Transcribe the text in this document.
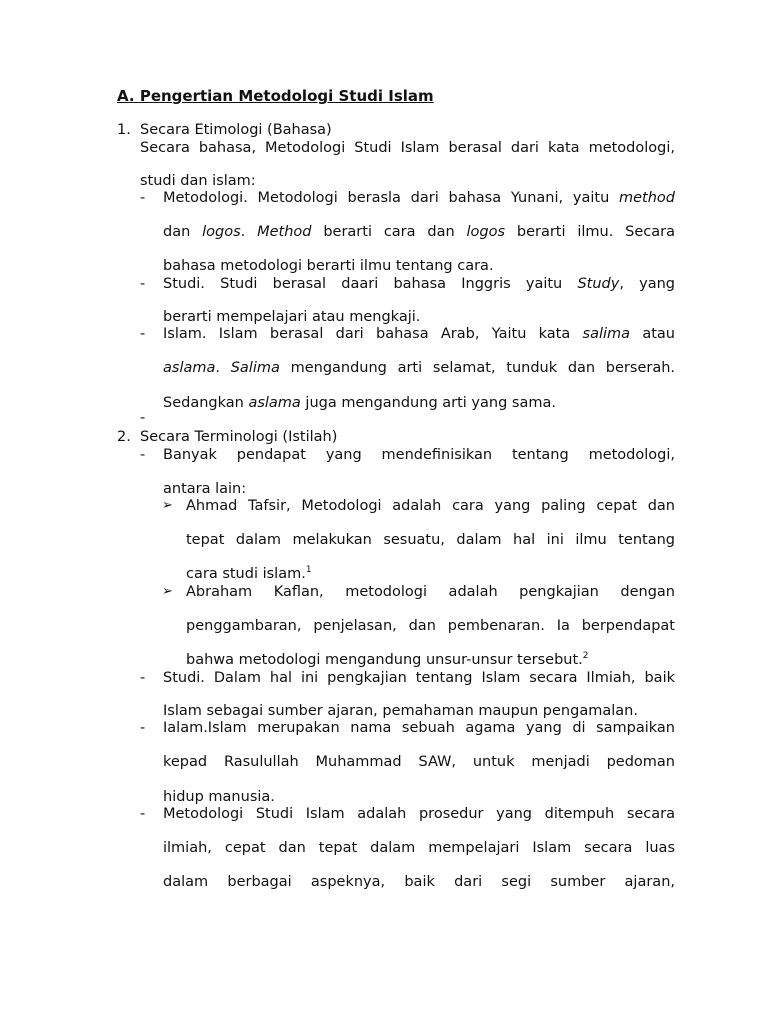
A. Pengertian Metodologi Studi Islam
1. Secara Etimologi (Bahasa)
Secara bahasa, Metodologi Studi Islam berasal dari kata metodologi,
studi dan islam:
- Metodologi. Metodologi berasla dari bahasa Yunani, yaitu method
dan logos. Method berarti cara dan logos berarti ilmu. Secara
bahasa metodologi berarti ilmu tentang cara.
- Studi. Studi berasal daari bahasa Inggris yaitu Study, yang
berarti mempelajari atau mengkaji.
- Islam. Islam berasal dari bahasa Arab, Yaitu kata salima atau
aslama. Salima mengandung arti selamat, tunduk dan berserah.
Sedangkan aslama juga mengandung arti yang sama.
-
2. Secara Terminologi (Istilah)
- Banyak pendapat yang mendefinisikan tentang metodologi,
antara lain:
➢ Ahmad Tafsir, Metodologi adalah cara yang paling cepat dan
tepat dalam melakukan sesuatu, dalam hal ini ilmu tentang
cara studi islam.$^1$
➢ Abraham Kaflan, metodologi adalah pengkajian dengan
penggambaran, penjelasan, dan pembenaran. Ia berpendapat
bahwa metodologi mengandung unsur-unsur tersebut.$^2$
- Studi. Dalam hal ini pengkajian tentang Islam secara Ilmiah, baik
Islam sebagai sumber ajaran, pemahaman maupun pengamalan.
- Ialam.Islam merupakan nama sebuah agama yang di sampaikan
kepad Rasulullah Muhammad SAW, untuk menjadi pedoman
hidup manusia.
- Metodologi Studi Islam adalah prosedur yang ditempuh secara
ilmiah, cepat dan tepat dalam mempelajari Islam secara luas
dalam berbagai aspeknya, baik dari segi sumber ajaran,
